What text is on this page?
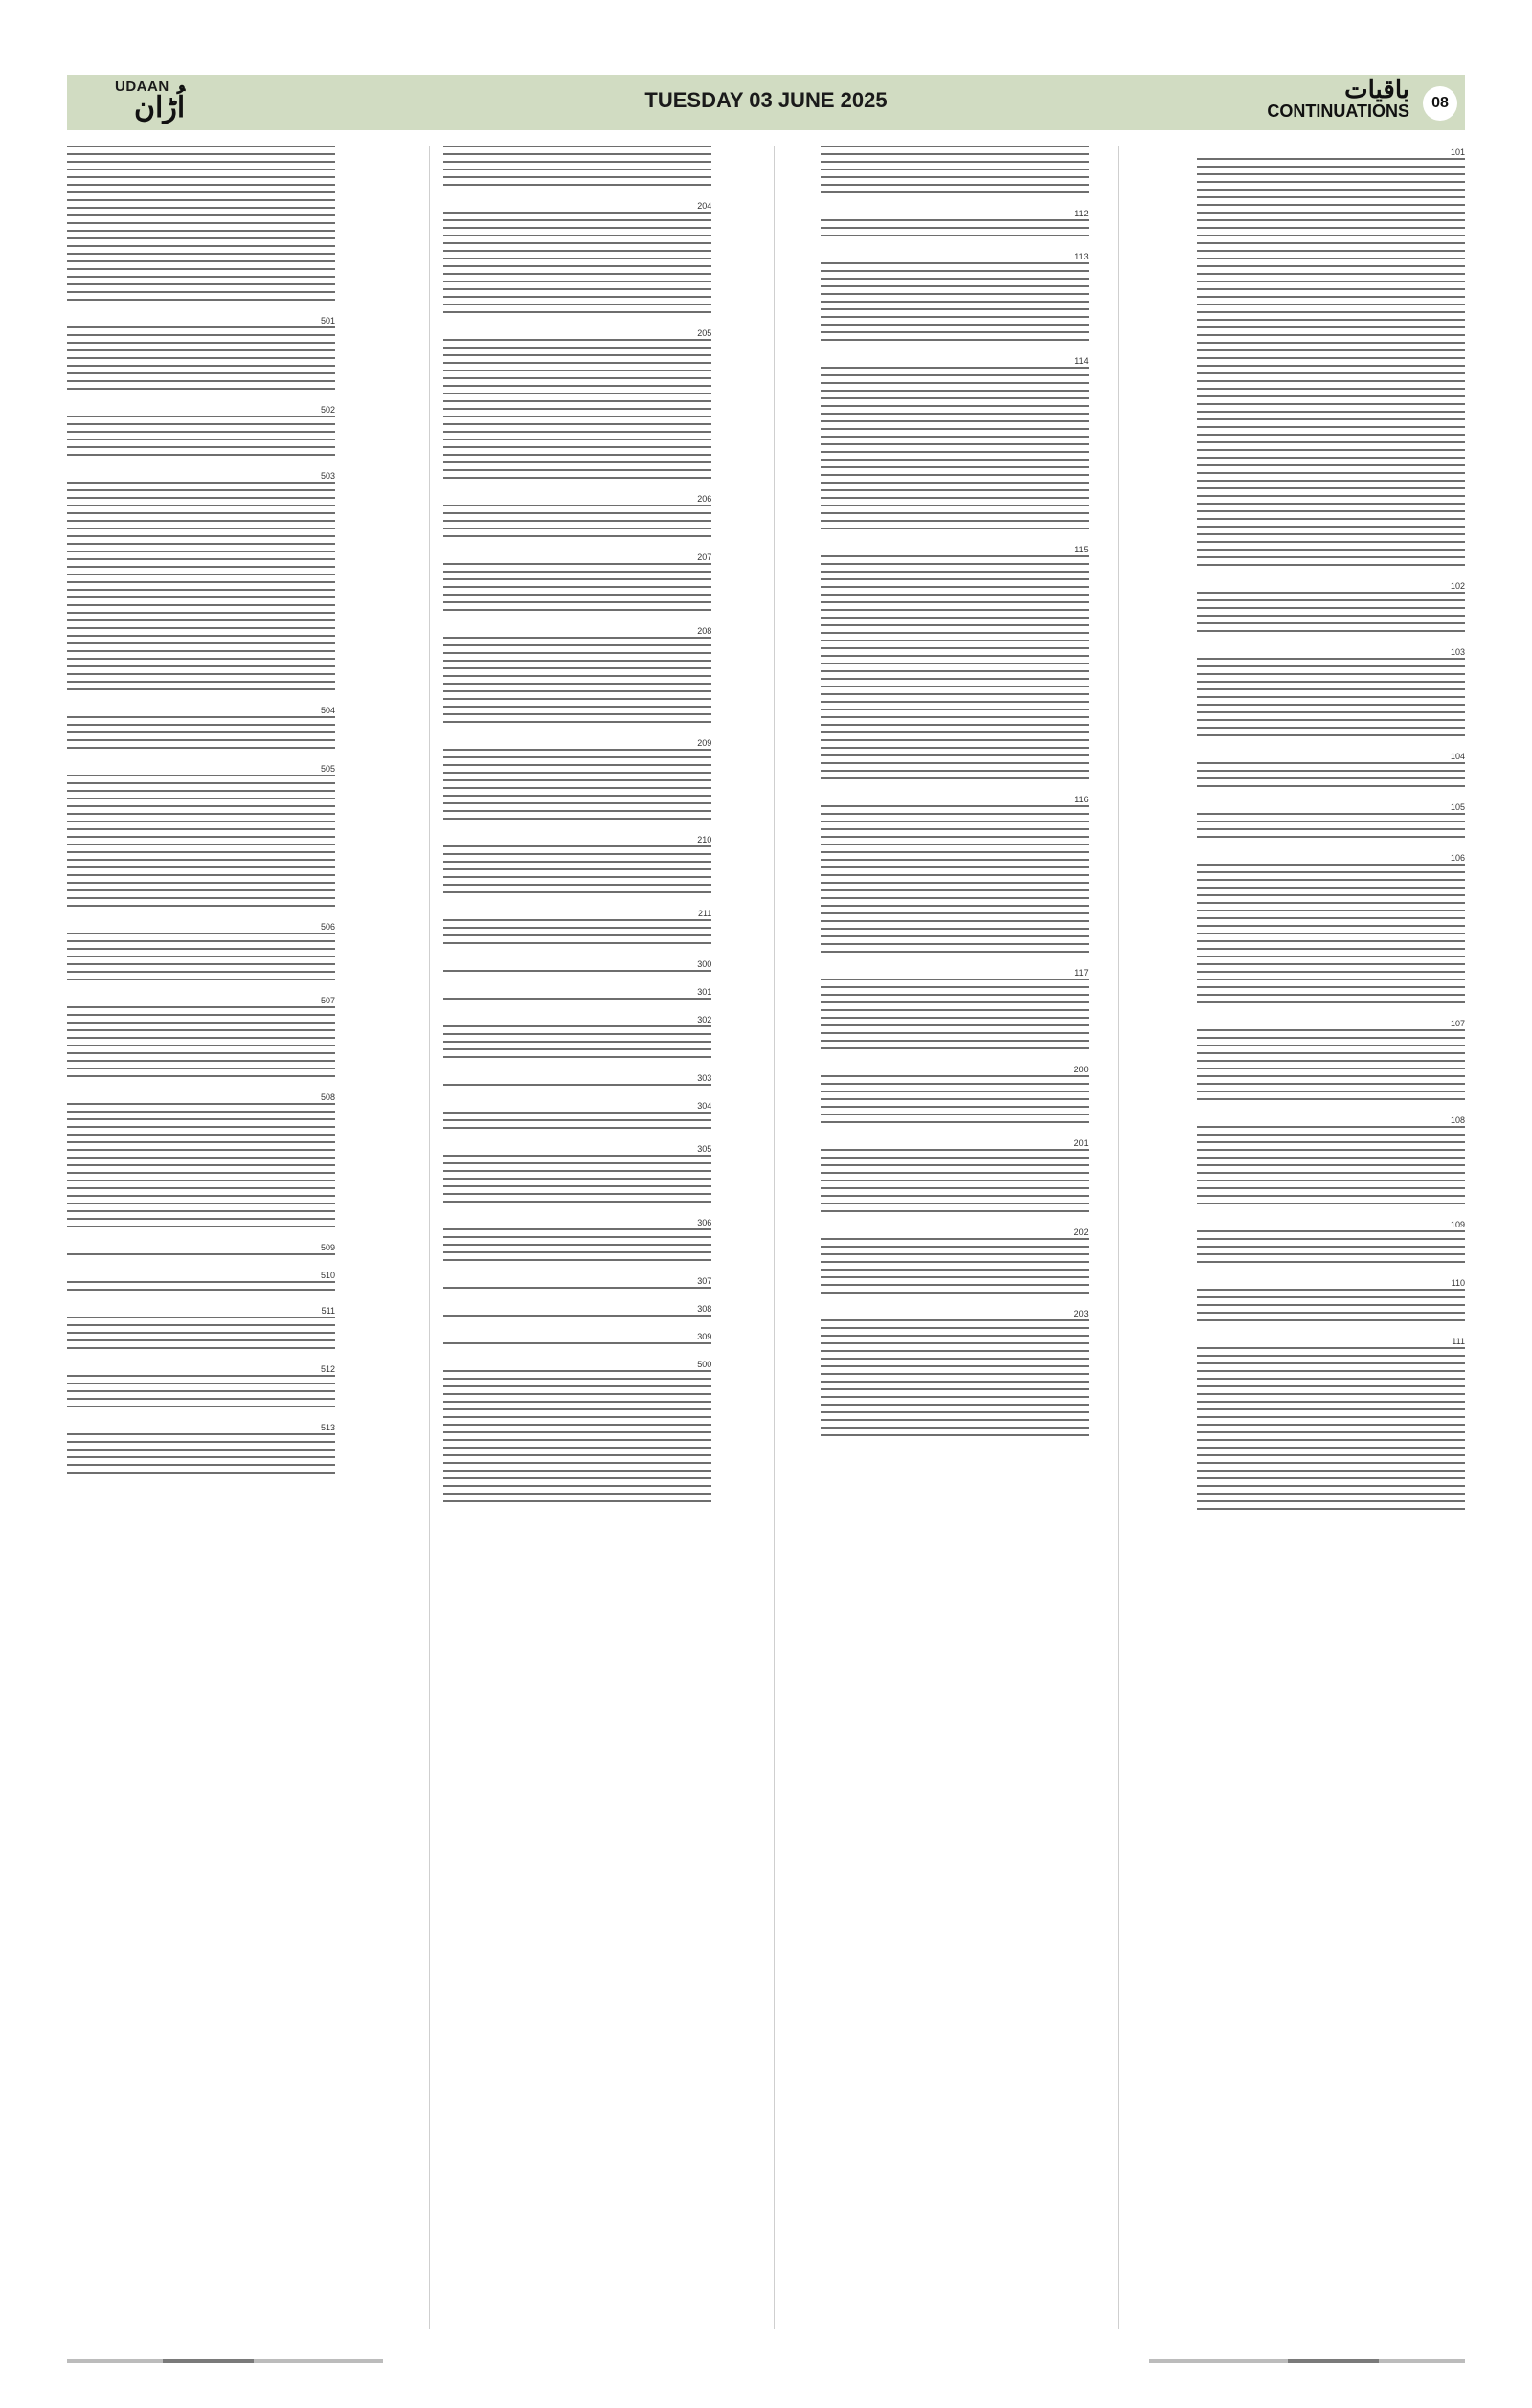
UDAAN
اُڑان	TUESDAY 03 JUNE 2025	باقیات
CONTINUATIONS	08
101
102
103
104
105
106
107
108
109
110
111
112
113
114
115
116
117
200
201
202
203
204
205
206
207
208
209
210
211
300
301
302
303
304
305
306
307
308
309
500
501
502
503
504
505
506
507
508
509
510
511
512
513
